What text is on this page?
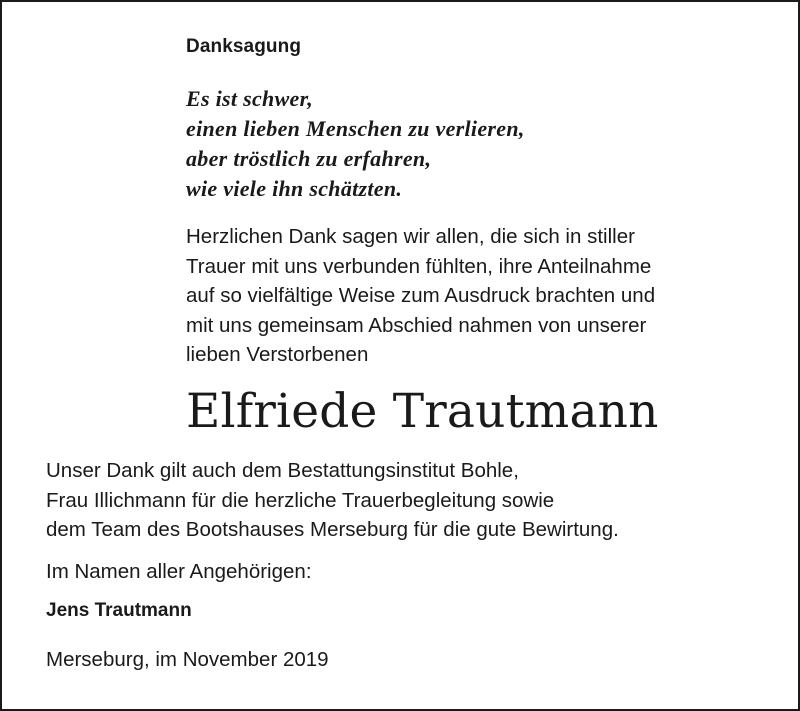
Danksagung
Es ist schwer,
einen lieben Menschen zu verlieren,
aber tröstlich zu erfahren,
wie viele ihn schätzten.
Herzlichen Dank sagen wir allen, die sich in stiller
Trauer mit uns verbunden fühlten, ihre Anteilnahme
auf so vielfältige Weise zum Ausdruck brachten und
mit uns gemeinsam Abschied nahmen von unserer
lieben Verstorbenen
Elfriede Trautmann
Unser Dank gilt auch dem Bestattungsinstitut Bohle,
Frau Illichmann für die herzliche Trauerbegleitung sowie
dem Team des Bootshauses Merseburg für die gute Bewirtung.
Im Namen aller Angehörigen:
Jens Trautmann
Merseburg, im November 2019
